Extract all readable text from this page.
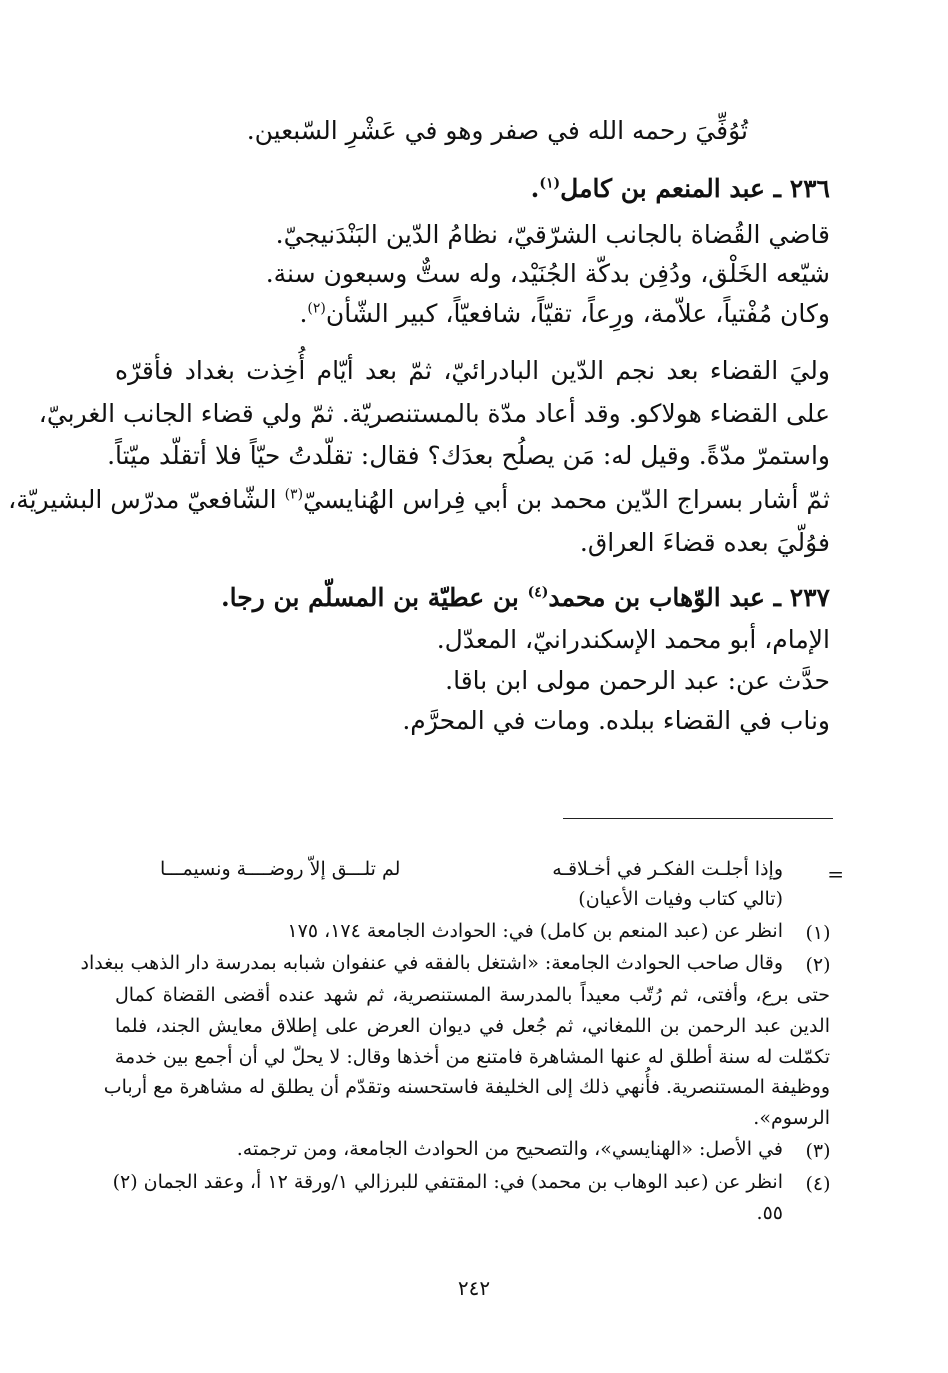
تُوُفِّيَ رحمه الله في صفر وهو في عَشْرِ السّبعين.
٢٣٦ ـ عبد المنعم بن كامل$^{(١)}$.
قاضي القُضاة بالجانب الشرّقيّ، نظامُ الدّين البَنْدَنيجيّ.
شيّعه الخَلْق، ودُفِن بدكّة الجُنَيْد، وله ستٌّ وسبعون سنة.
وكان مُفْتياً، علاّمة، ورِعاً، تقيّاً، شافعيّاً، كبير الشّأن$^{(٢)}$.
وليَ القضاء بعد نجم الدّين البادرائيّ، ثمّ بعد أيّام أُخِذت بغداد فأقرّه
على القضاء هولاكو. وقد أعاد مدّة بالمستنصريّة. ثمّ ولي قضاء الجانب الغربيّ،
واستمرّ مدّةً. وقيل له: مَن يصلُح بعدَك؟ فقال: تقلّدتُ حيّاً فلا أتقلّد ميّتاً.
ثمّ أشار بسراج الدّين محمد بن أبي فِراس الهُنايسيّ$^{(٣)}$ الشّافعيّ مدرّس البشيريّة،
فوُلّيَ بعده قضاءَ العراق.
٢٣٧ ـ عبد الوّهاب بن محمد$^{(٤)}$ بن عطيّة بن المسلّم بن رجا.
الإمام، أبو محمد الإسكندرانيّ، المعدّل.
حدَّث عن: عبد الرحمن مولى ابن باقا.
وناب في القضاء ببلده. ومات في المحرَّم.
=
وإذا أجلـت الفكـر في أخـلاقـه
لم تلـــق إلاّ روضــــة ونسيمـــا
(تالي كتاب وفيات الأعيان)
(١)
انظر عن (عبد المنعم بن كامل) في: الحوادث الجامعة ١٧٤، ١٧٥
(٢)
وقال صاحب الحوادث الجامعة: «اشتغل بالفقه في عنفوان شبابه بمدرسة دار الذهب ببغداد
حتى برع، وأفتى، ثم رُتّب معيداً بالمدرسة المستنصرية، ثم شهد عنده أقضى القضاة كمال
الدين عبد الرحمن بن اللمغاني، ثم جُعل في ديوان العرض على إطلاق معايش الجند، فلما
تكمّلت له سنة أطلق له عنها المشاهرة فامتنع من أخذها وقال: لا يحلّ لي أن أجمع بين خدمة
ووظيفة المستنصرية. فأُنهي ذلك إلى الخليفة فاستحسنه وتقدّم أن يطلق له مشاهرة مع أرباب
الرسوم».
(٣)
في الأصل: «الهنايسي»، والتصحيح من الحوادث الجامعة، ومن ترجمته.
(٤)
انظر عن (عبد الوهاب بن محمد) في: المقتفي للبرزالي ١/ورقة ١٢ أ، وعقد الجمان (٢)
٥٥.
٢٤٢
